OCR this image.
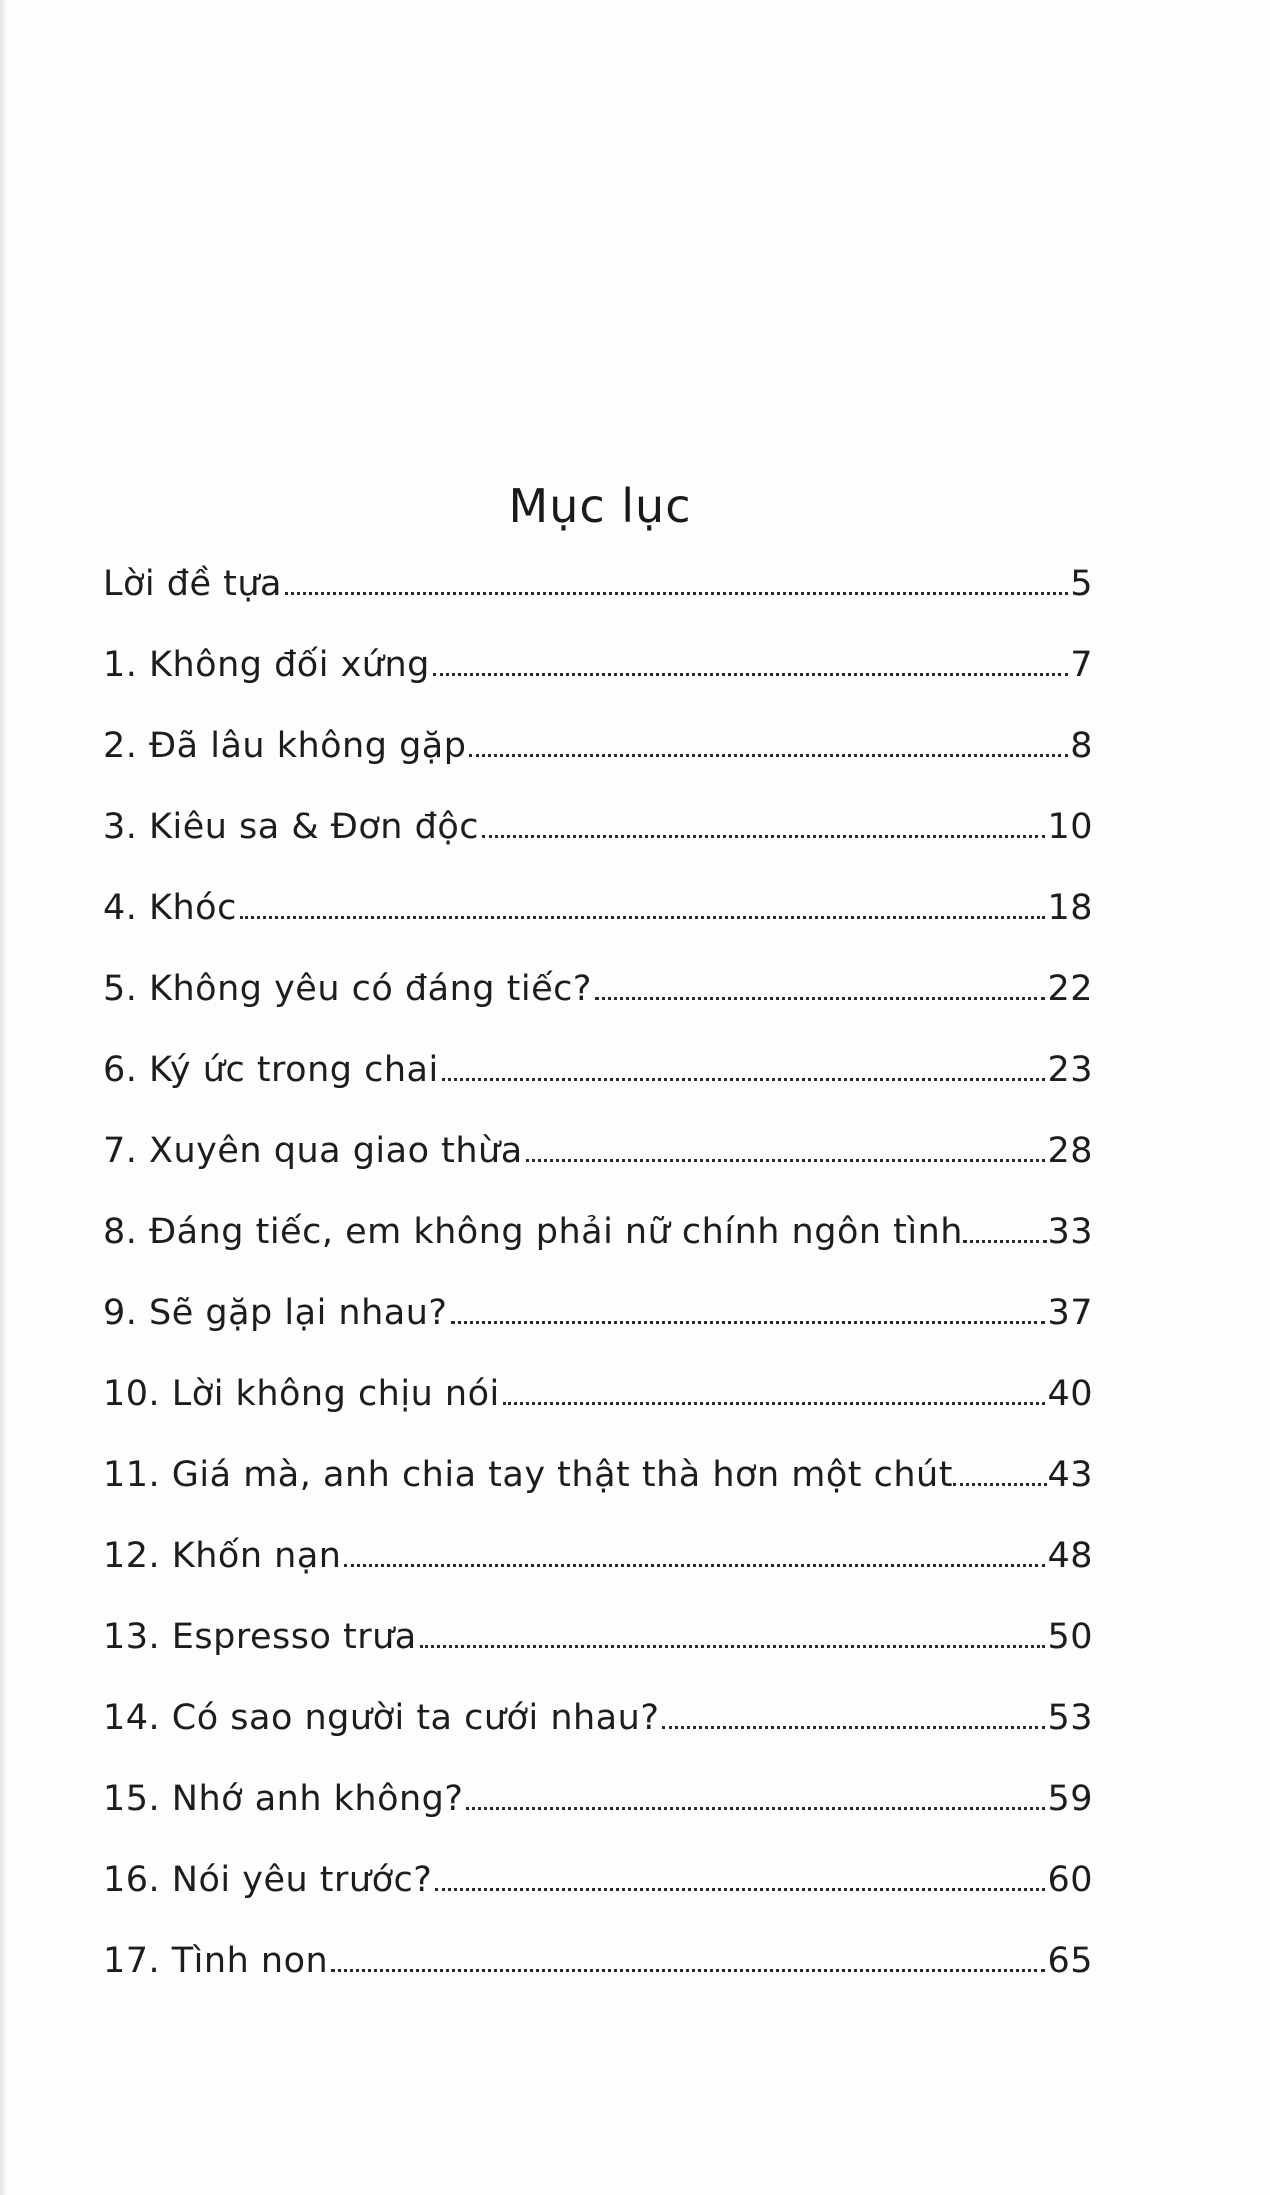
Mục lục
Lời đề tựa	5
1. Không đối xứng	7
2. Đã lâu không gặp	8
3. Kiêu sa & Đơn độc	10
4. Khóc	18
5. Không yêu có đáng tiếc?	22
6. Ký ức trong chai	23
7. Xuyên qua giao thừa	28
8. Đáng tiếc, em không phải nữ chính ngôn tình 33
9. Sẽ gặp lại nhau?	37
10. Lời không chịu nói	40
11. Giá mà, anh chia tay thật thà hơn một chút	43
12. Khốn nạn	48
13. Espresso trưa	50
14. Có sao người ta cưới nhau?	53
15. Nhớ anh không?	59
16. Nói yêu trước?	60
17. Tình non	65
